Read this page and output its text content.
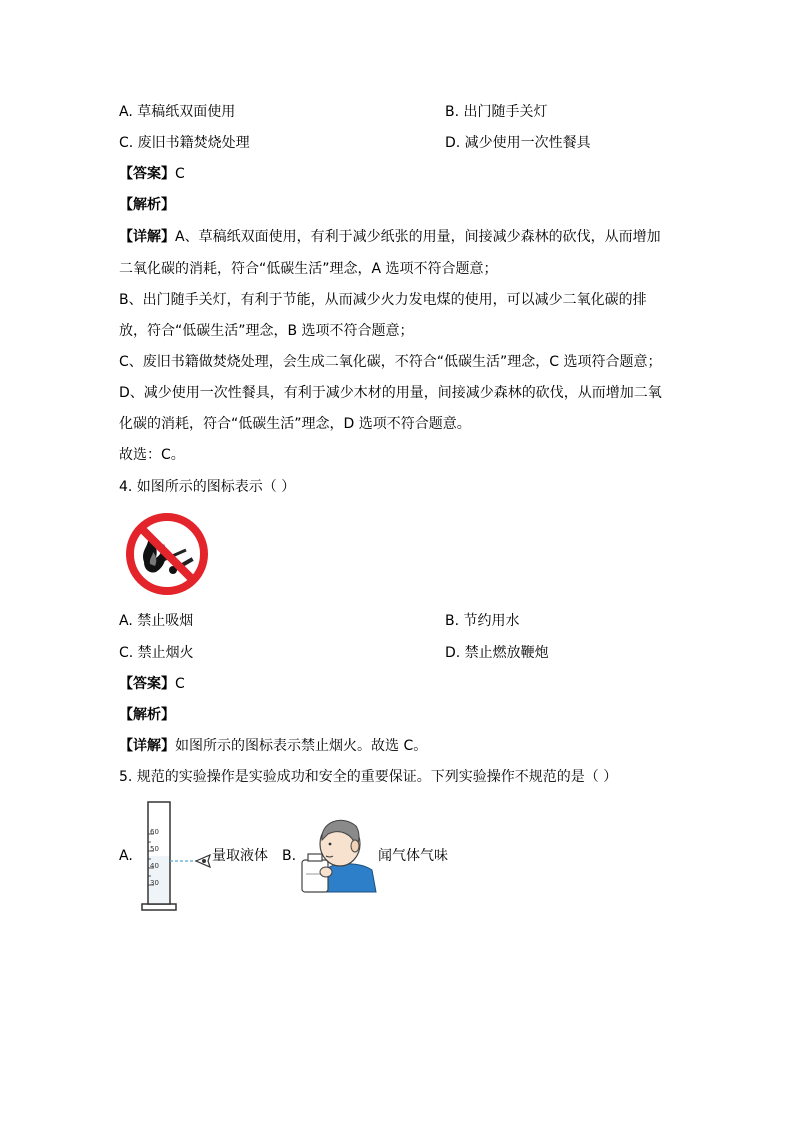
A. 草稿纸双面使用	B. 出门随手关灯
C. 废旧书籍焚烧处理	D. 减少使用一次性餐具
【答案】C
【解析】
【详解】A、草稿纸双面使用，有利于减少纸张的用量，间接减少森林的砍伐，从而增加
二氧化碳的消耗，符合“低碳生活”理念，A 选项不符合题意；
B、出门随手关灯，有利于节能，从而减少火力发电煤的使用，可以减少二氧化碳的排
放，符合“低碳生活”理念，B 选项不符合题意；
C、废旧书籍做焚烧处理，会生成二氧化碳，不符合“低碳生活”理念，C 选项符合题意；
D、减少使用一次性餐具，有利于减少木材的用量，间接减少森林的砍伐，从而增加二氧
化碳的消耗，符合“低碳生活”理念，D 选项不符合题意。
故选：C。
4. 如图所示的图标表示（ ）
A. 禁止吸烟	B. 节约用水
C. 禁止烟火	D. 禁止燃放鞭炮
【答案】C
【解析】
【详解】如图所示的图标表示禁止烟火。故选 C。
5. 规范的实验操作是实验成功和安全的重要保证。下列实验操作不规范的是（ ）
A.
60
50
40
30
量取液体 B.	闻气体气味
